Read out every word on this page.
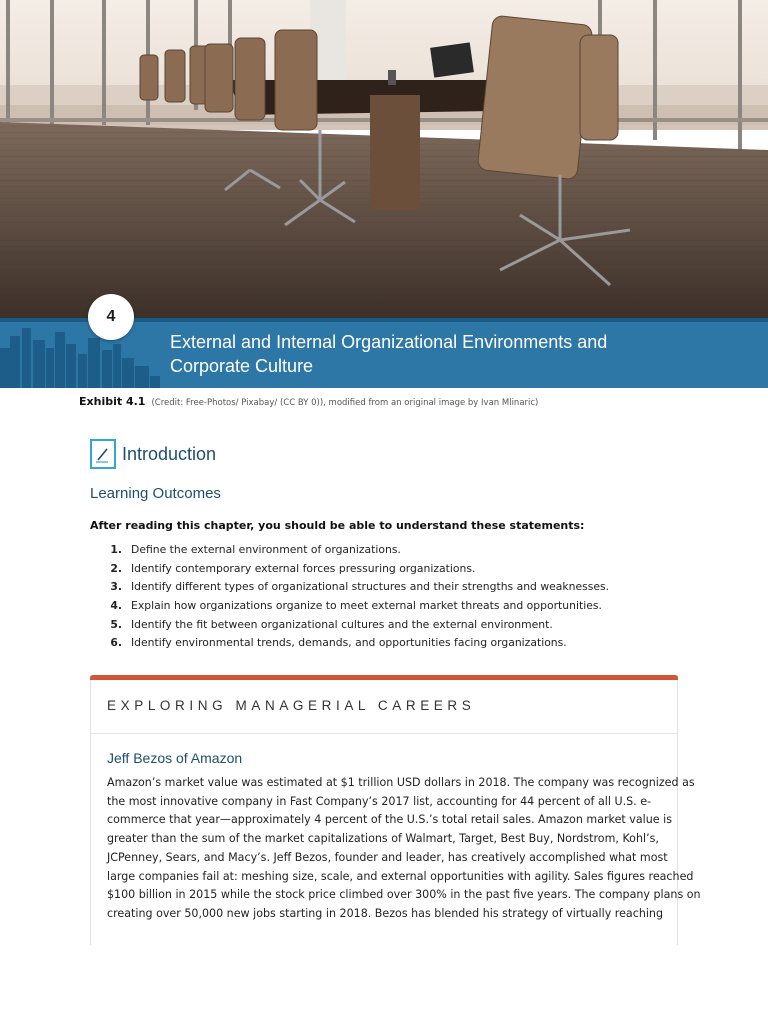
4
External and Internal Organizational Environments and
Corporate Culture
Exhibit 4.1 (Credit: Free-Photos/ Pixabay/ (CC BY 0)), modified from an original image by Ivan Mlinaric)
Introduction
Learning Outcomes
After reading this chapter, you should be able to understand these statements:
1. Define the external environment of organizations.
2. Identify contemporary external forces pressuring organizations.
3. Identify different types of organizational structures and their strengths and weaknesses.
4. Explain how organizations organize to meet external market threats and opportunities.
5. Identify the fit between organizational cultures and the external environment.
6. Identify environmental trends, demands, and opportunities facing organizations.
EXPLORING MANAGERIAL CAREERS
Jeff Bezos of Amazon
Amazon’s market value was estimated at $1 trillion USD dollars in 2018. The company was recognized as
the most innovative company in Fast Company’s 2017 list, accounting for 44 percent of all U.S. e-
commerce that year—approximately 4 percent of the U.S.’s total retail sales. Amazon market value is
greater than the sum of the market capitalizations of Walmart, Target, Best Buy, Nordstrom, Kohl’s,
JCPenney, Sears, and Macy’s. Jeff Bezos, founder and leader, has creatively accomplished what most
large companies fail at: meshing size, scale, and external opportunities with agility. Sales figures reached
$100 billion in 2015 while the stock price climbed over 300% in the past five years. The company plans on
creating over 50,000 new jobs starting in 2018. Bezos has blended his strategy of virtually reaching
